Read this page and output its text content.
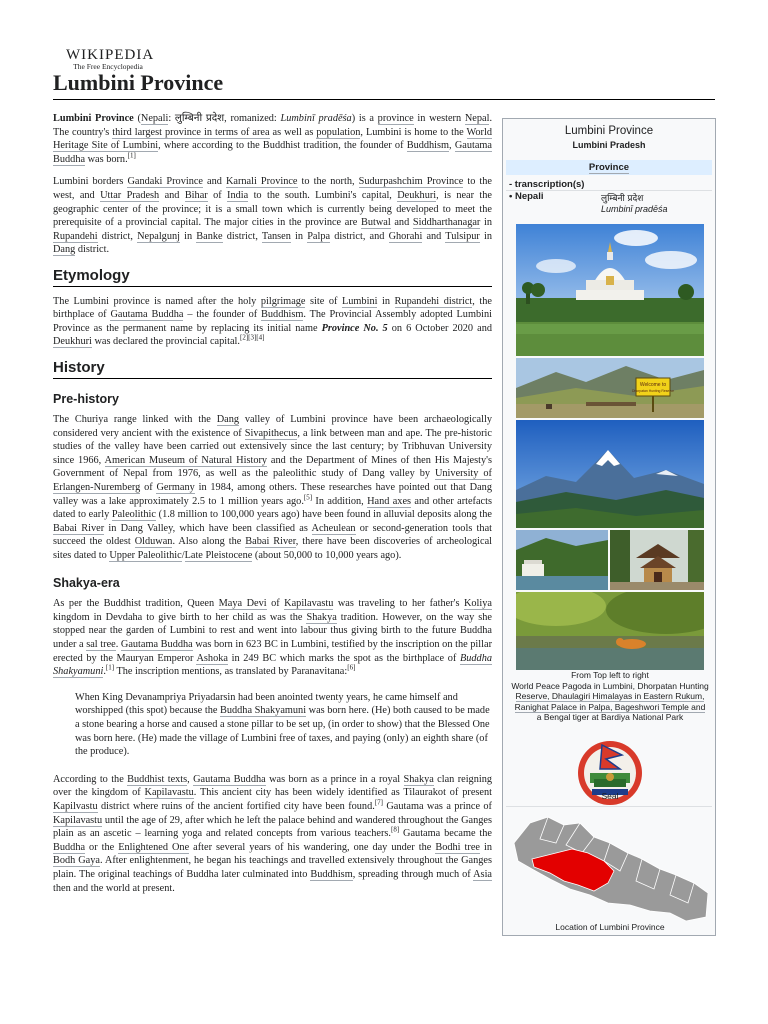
WIKIPEDIA
The Free Encyclopedia
Lumbini Province

Lumbini Province (Nepali: लुम्बिनी प्रदेश, romanized: Lumbinī pradēśa) is a province in western Nepal. The country's third largest province in terms of area as well as population, Lumbini is home to the World Heritage Site of Lumbini, where according to the Buddhist tradition, the founder of Buddhism, Gautama Buddha was born.[1]

Lumbini borders Gandaki Province and Karnali Province to the north, Sudurpashchim Province to the west, and Uttar Pradesh and Bihar of India to the south. Lumbini's capital, Deukhuri, is near the geographic center of the province; it is a small town which is currently being developed to meet the prerequisite of a provincial capital. The major cities in the province are Butwal and Siddharthanagar in Rupandehi district, Nepalgunj in Banke district, Tansen in Palpa district, and Ghorahi and Tulsipur in Dang district.

Etymology

The Lumbini province is named after the holy pilgrimage site of Lumbini in Rupandehi district, the birthplace of Gautama Buddha – the founder of Buddhism. The Provincial Assembly adopted Lumbini Province as the permanent name by replacing its initial name Province No. 5 on 6 October 2020 and Deukhuri was declared the provincial capital.[2][3][4]

History
Pre-history

The Churiya range linked with the Dang valley of Lumbini province have been archaeologically considered very ancient with the existence of Sivapithecus, a link between man and ape. The pre-historic studies of the valley have been carried out extensively since the last century; by Tribhuvan University since 1966, American Museum of Natural History and the Department of Mines of then His Majesty's Government of Nepal from 1976, as well as the paleolithic study of Dang valley by University of Erlangen-Nuremberg of Germany in 1984, among others. These researches have pointed out that Dang valley was a lake approximately 2.5 to 1 million years ago.[5] In addition, Hand axes and other artefacts dated to early Paleolithic (1.8 million to 100,000 years ago) have been found in alluvial deposits along the Babai River in Dang Valley, which have been classified as Acheulean or second-generation tools that succeed the oldest Olduwan. Also along the Babai River, there have been discoveries of archeological sites dated to Upper Paleolithic/Late Pleistocene (about 50,000 to 10,000 years ago).

Shakya-era

As per the Buddhist tradition, Queen Maya Devi of Kapilavastu was traveling to her father's Koliya kingdom in Devdaha to give birth to her child as was the Shakya tradition. However, on the way she stopped near the garden of Lumbini to rest and went into labour thus giving birth to the future Buddha under a sal tree. Gautama Buddha was born in 623 BC in Lumbini, testified by the inscription on the pillar erected by the Mauryan Emperor Ashoka in 249 BC which marks the spot as the birthplace of Buddha Shakyamuni.[1] The inscription mentions, as translated by Paranavitana:[6]

When King Devanampriya Priyadarsin had been anointed twenty years, he came himself and worshipped (this spot) because the Buddha Shakyamuni was born here. (He) both caused to be made a stone bearing a horse and caused a stone pillar to be set up, (in order to show) that the Blessed One was born here. (He) made the village of Lumbini free of taxes, and paying (only) an eighth share (of the produce).

According to the Buddhist texts, Gautama Buddha was born as a prince in a royal Shakya clan reigning over the kingdom of Kapilavastu. This ancient city has been widely identified as Tilaurakot of present Kapilvastu district where ruins of the ancient fortified city have been found.[7] Gautama was a prince of Kapilavastu until the age of 29, after which he left the palace behind and wandered throughout the Ganges plain as an ascetic – learning yoga and related concepts from various teachers.[8] Gautama became the Buddha or the Enlightened One after several years of his wandering, one day under the Bodhi tree in Bodh Gaya. After enlightenment, he began his teachings and travelled extensively throughout the Ganges plain. The original teachings of Buddha later culminated into Buddhism, spreading through much of Asia then and the world at present.

Lumbini Province
Lumbini Pradesh
Province
- transcription(s)
• Nepali	लुम्बिनी प्रदेश
Lumbinī pradēśa
Welcome to
Dhorpatan Hunting Reserve
From Top left to right
World Peace Pagoda in Lumbini, Dhorpatan Hunting
Reserve, Dhaulagiri Himalayas in Eastern Rukum,
Ranighat Palace in Palpa, Bageshwori Temple and
a Bengal tiger at Bardiya National Park
Seal
Location of Lumbini Province
